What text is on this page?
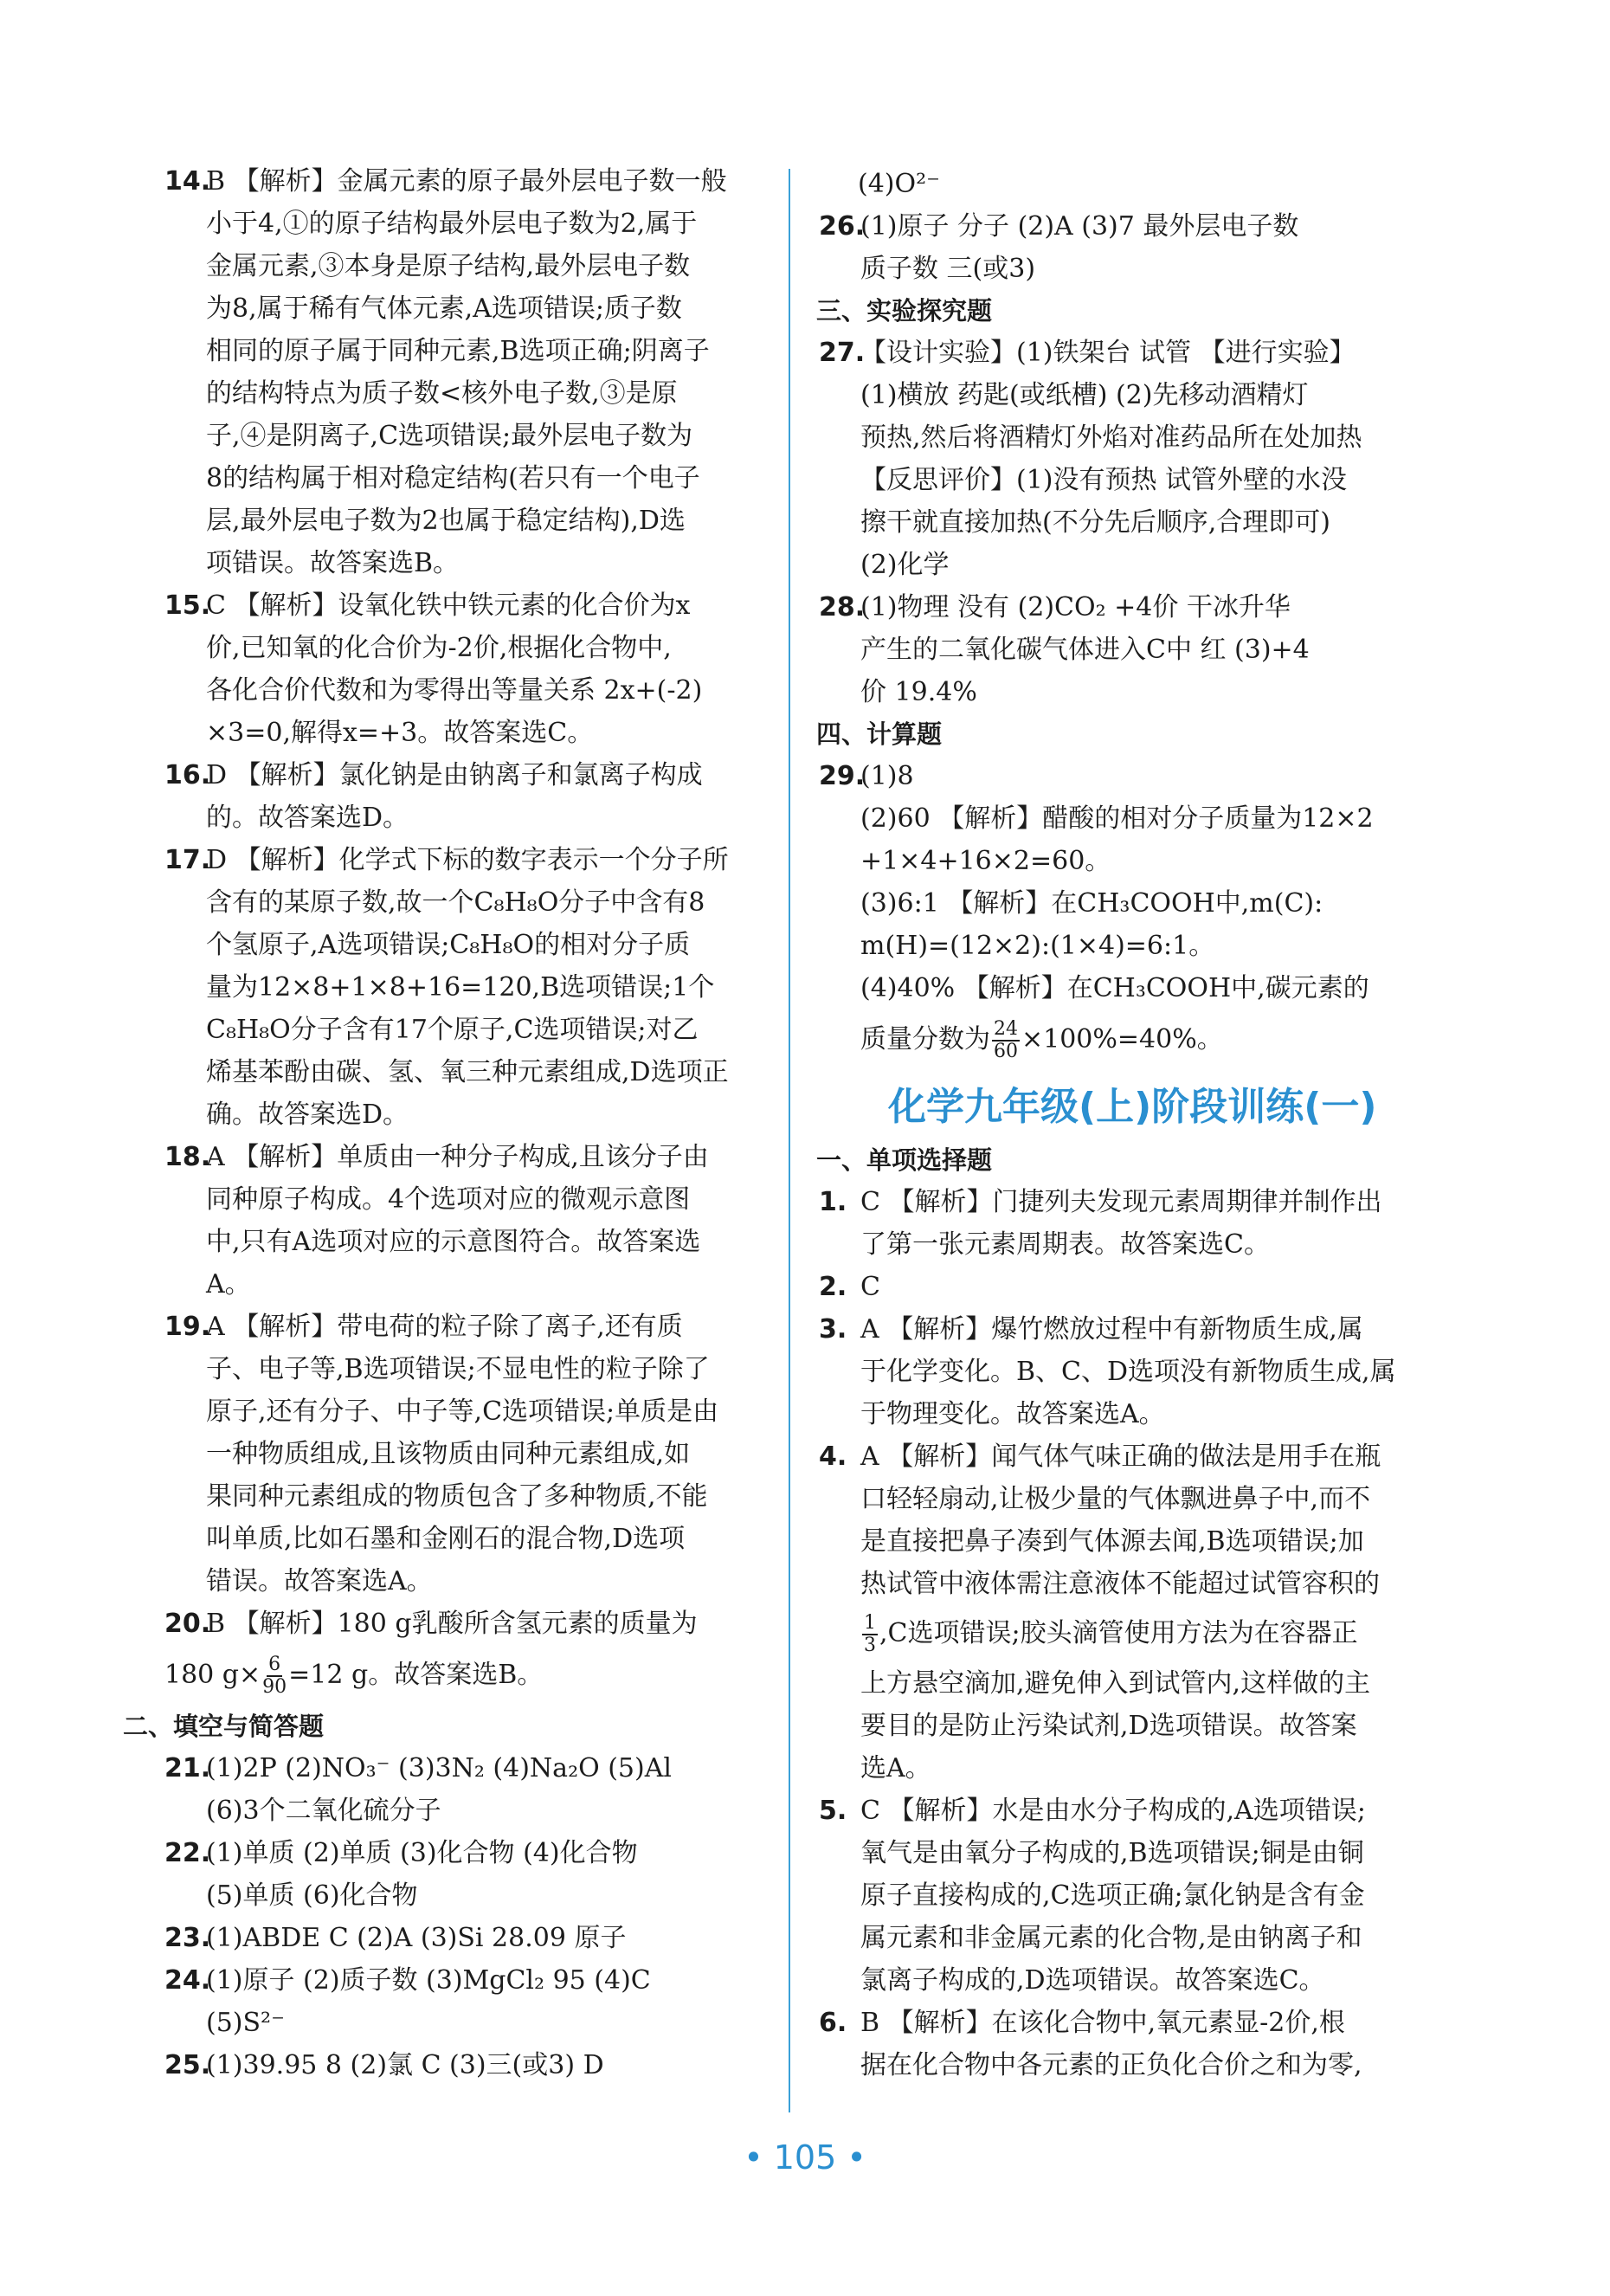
14.
B 【解析】金属元素的原子最外层电子数一般
小于4,①的原子结构最外层电子数为2,属于
金属元素,③本身是原子结构,最外层电子数
为8,属于稀有气体元素,A选项错误;质子数
相同的原子属于同种元素,B选项正确;阴离子
的结构特点为质子数<核外电子数,③是原
子,④是阴离子,C选项错误;最外层电子数为
8的结构属于相对稳定结构(若只有一个电子
层,最外层电子数为2也属于稳定结构),D选
项错误。故答案选B。
15.
C 【解析】设氧化铁中铁元素的化合价为x
价,已知氧的化合价为-2价,根据化合物中,
各化合价代数和为零得出等量关系 2x+(-2)
×3=0,解得x=+3。故答案选C。
16.
D 【解析】氯化钠是由钠离子和氯离子构成
的。故答案选D。
17.
D 【解析】化学式下标的数字表示一个分子所
含有的某原子数,故一个C₈H₈O分子中含有8
个氢原子,A选项错误;C₈H₈O的相对分子质
量为12×8+1×8+16=120,B选项错误;1个
C₈H₈O分子含有17个原子,C选项错误;对乙
烯基苯酚由碳、氢、氧三种元素组成,D选项正
确。故答案选D。
18.
A 【解析】单质由一种分子构成,且该分子由
同种原子构成。4个选项对应的微观示意图
中,只有A选项对应的示意图符合。故答案选
A。
19.
A 【解析】带电荷的粒子除了离子,还有质
子、电子等,B选项错误;不显电性的粒子除了
原子,还有分子、中子等,C选项错误;单质是由
一种物质组成,且该物质由同种元素组成,如
果同种元素组成的物质包含了多种物质,不能
叫单质,比如石墨和金刚石的混合物,D选项
错误。故答案选A。
20.
B 【解析】180 g乳酸所含氢元素的质量为
180 $g\times \frac{6}{90} =12$ g。故答案选B。
二、填空与简答题
21.
(1)2P (2)NO₃⁻ (3)3N₂ (4)Na₂O (5)Al
(6)3个二氧化硫分子
22.
(1)单质 (2)单质 (3)化合物 (4)化合物
(5)单质 (6)化合物
23.
(1)ABDE C (2)A (3)Si 28.09 原子
24.
(1)原子 (2)质子数 (3)MgCl₂ 95 (4)C
(5)S²⁻
25.
(1)39.95 8 (2)氯 C (3)三(或3) D
(4)O²⁻
26.
(1)原子 分子 (2)A (3)7 最外层电子数
质子数 三(或3)
三、实验探究题
27.
【设计实验】(1)铁架台 试管 【进行实验】
(1)横放 药匙(或纸槽) (2)先移动酒精灯
预热,然后将酒精灯外焰对准药品所在处加热
【反思评价】(1)没有预热 试管外壁的水没
擦干就直接加热(不分先后顺序,合理即可)
(2)化学
28.
(1)物理 没有 (2)CO₂ +4价 干冰升华
产生的二氧化碳气体进入C中 红 (3)+4
价 19.4%
四、计算题
29.
(1)8
(2)60 【解析】醋酸的相对分子质量为12×2
+1×4+16×2=60。
(3)6:1 【解析】在CH₃COOH中,m(C):
m(H)=(12×2):(1×4)=6:1。
(4)40% 【解析】在CH₃COOH中,碳元素的
质量分数为 $\frac{24}{60} \times 100\%=40\%$。
化学九年级(上)阶段训练(一)
一、单项选择题
1. C 【解析】门捷列夫发现元素周期律并制作出
了第一张元素周期表。故答案选C。
2. C
3. A 【解析】爆竹燃放过程中有新物质生成,属
于化学变化。B、C、D选项没有新物质生成,属
于物理变化。故答案选A。
4. A 【解析】闻气体气味正确的做法是用手在瓶
口轻轻扇动,让极少量的气体飘进鼻子中,而不
是直接把鼻子凑到气体源去闻,B选项错误;加
热试管中液体需注意液体不能超过试管容积的
$\frac{1}{3} ,C$选项错误;胶头滴管使用方法为在容器正
上方悬空滴加,避免伸入到试管内,这样做的主
要目的是防止污染试剂,D选项错误。故答案
选A。
5. C 【解析】水是由水分子构成的,A选项错误;
氧气是由氧分子构成的,B选项错误;铜是由铜
原子直接构成的,C选项正确;氯化钠是含有金
属元素和非金属元素的化合物,是由钠离子和
氯离子构成的,D选项错误。故答案选C。
6. B 【解析】在该化合物中,氧元素显-2价,根
据在化合物中各元素的正负化合价之和为零,
• 105 •
